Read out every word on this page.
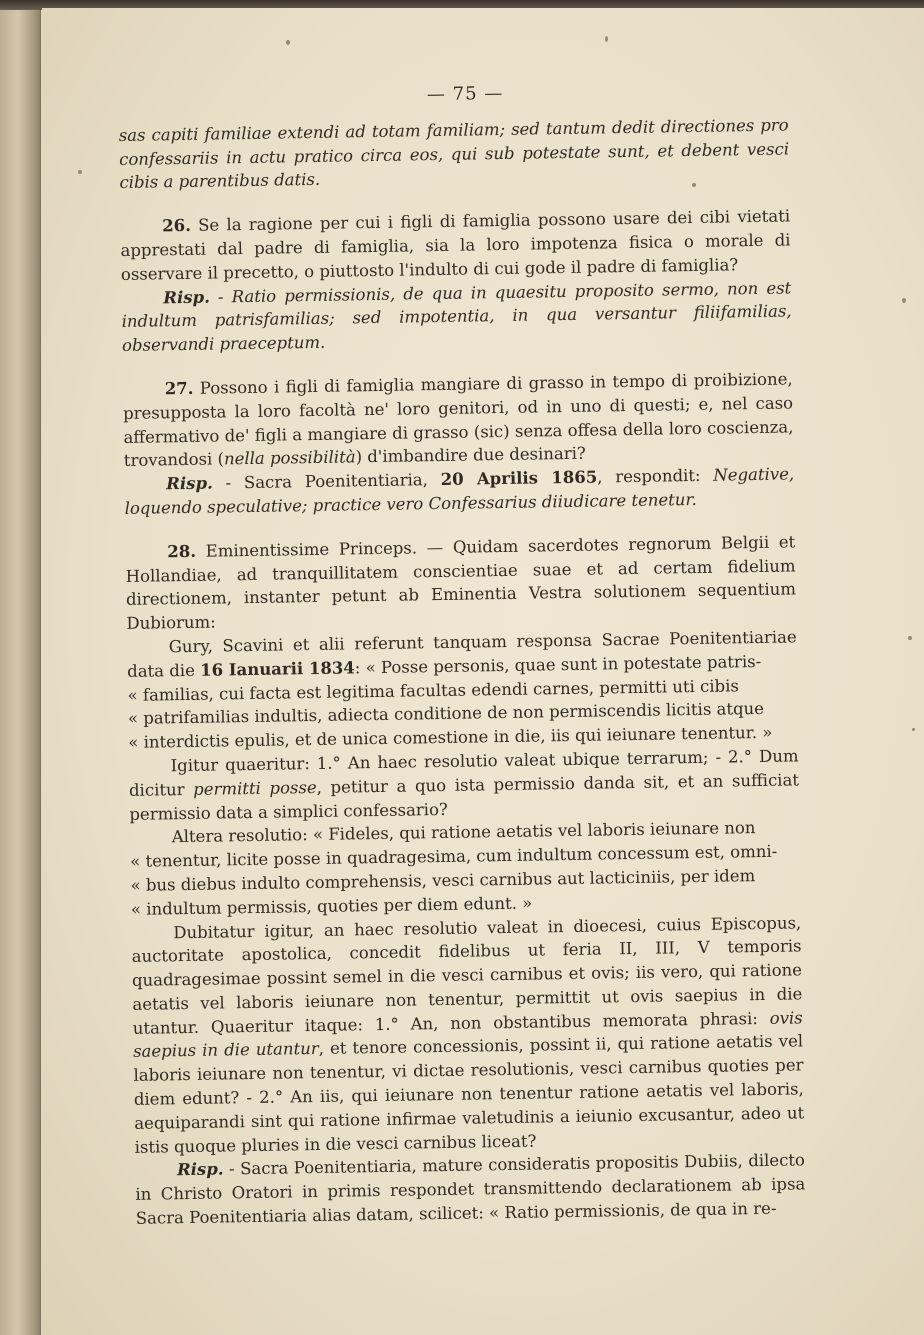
— 75 —

sas capiti familiae extendi ad totam familiam; sed tantum dedit directiones pro confessariis in actu pratico circa eos, qui sub potestate sunt, et debent vesci cibis a parentibus datis.

26. Se la ragione per cui i figli di famiglia possono usare dei cibi vietati apprestati dal padre di famiglia, sia la loro impotenza fisica o morale di osservare il precetto, o piuttosto l'indulto di cui gode il padre di famiglia?

Risp. - Ratio permissionis, de qua in quaesitu proposito sermo, non est indultum patrisfamilias; sed impotentia, in qua versantur filiifamilias, observandi praeceptum.

27. Possono i figli di famiglia mangiare di grasso in tempo di proibizione, presupposta la loro facoltà ne' loro genitori, od in uno di questi; e, nel caso affermativo de' figli a mangiare di grasso (sic) senza offesa della loro coscienza, trovandosi (nella possibilità) d'imbandire due desinari?

Risp. - Sacra Poenitentiaria, 20 Aprilis 1865, respondit: Negative, loquendo speculative; practice vero Confessarius diiudicare tenetur.

28. Eminentissime Princeps. — Quidam sacerdotes regnorum Belgii et Hollandiae, ad tranquillitatem conscientiae suae et ad certam fidelium directionem, instanter petunt ab Eminentia Vestra solutionem sequentium Dubiorum:

Gury, Scavini et alii referunt tanquam responsa Sacrae Poenitentiariae data die 16 Ianuarii 1834: « Posse personis, quae sunt in potestate patris-

« familias, cui facta est legitima facultas edendi carnes, permitti uti cibis

« patrifamilias indultis, adiecta conditione de non permiscendis licitis atque

« interdictis epulis, et de unica comestione in die, iis qui ieiunare tenentur. »

Igitur quaeritur: 1.° An haec resolutio valeat ubique terrarum; - 2.° Dum dicitur permitti posse, petitur a quo ista permissio danda sit, et an sufficiat permissio data a simplici confessario?

Altera resolutio: « Fideles, qui ratione aetatis vel laboris ieiunare non

« tenentur, licite posse in quadragesima, cum indultum concessum est, omni-

« bus diebus indulto comprehensis, vesci carnibus aut lacticiniis, per idem

« indultum permissis, quoties per diem edunt. »

Dubitatur igitur, an haec resolutio valeat in dioecesi, cuius Episcopus, auctoritate apostolica, concedit fidelibus ut feria II, III, V temporis quadragesimae possint semel in die vesci carnibus et ovis; iis vero, qui ratione aetatis vel laboris ieiunare non tenentur, permittit ut ovis saepius in die utantur. Quaeritur itaque: 1.° An, non obstantibus memorata phrasi: ovis saepius in die utantur, et tenore concessionis, possint ii, qui ratione aetatis vel laboris ieiunare non tenentur, vi dictae resolutionis, vesci carnibus quoties per diem edunt? - 2.° An iis, qui ieiunare non tenentur ratione aetatis vel laboris, aequiparandi sint qui ratione infirmae valetudinis a ieiunio excusantur, adeo ut istis quoque pluries in die vesci carnibus liceat?

Risp. - Sacra Poenitentiaria, mature consideratis propositis Dubiis, dilecto in Christo Oratori in primis respondet transmittendo declarationem ab ipsa Sacra Poenitentiaria alias datam, scilicet: « Ratio permissionis, de qua in re-
